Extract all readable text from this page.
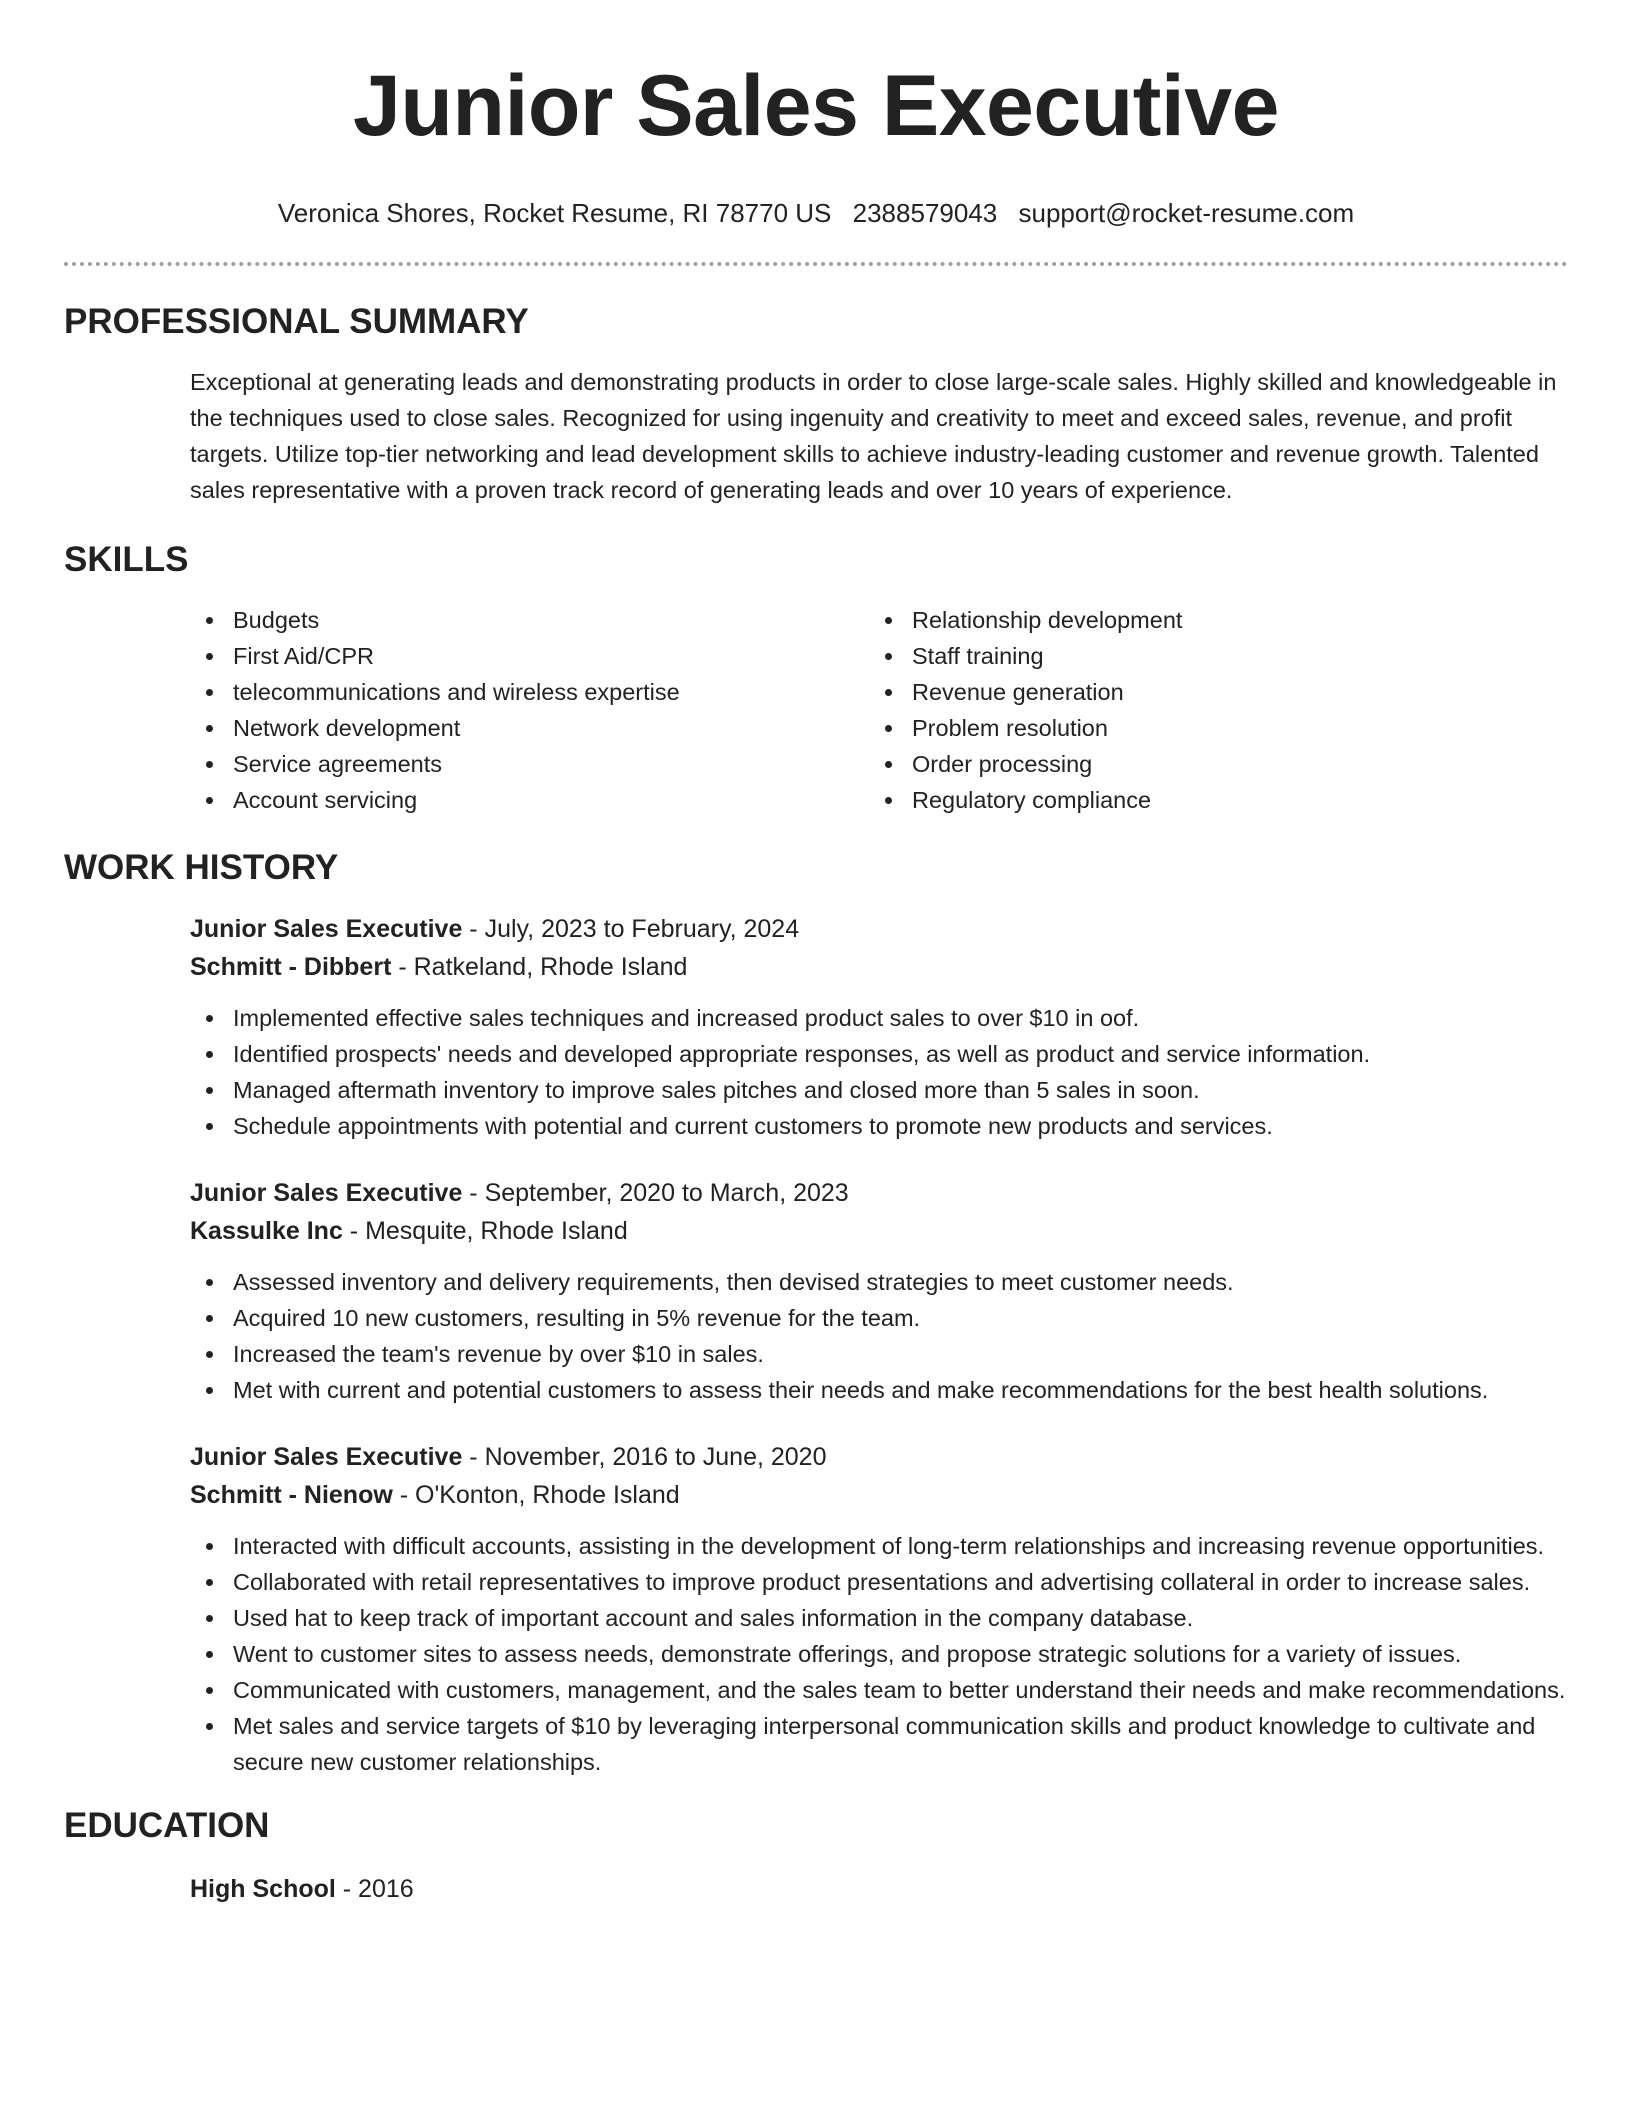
Junior Sales Executive
Veronica Shores, Rocket Resume, RI 78770 US 2388579043 support@rocket-resume.com
PROFESSIONAL SUMMARY
Exceptional at generating leads and demonstrating products in order to close large-scale sales. Highly skilled and knowledgeable in the techniques used to close sales. Recognized for using ingenuity and creativity to meet and exceed sales, revenue, and profit targets. Utilize top-tier networking and lead development skills to achieve industry-leading customer and revenue growth. Talented sales representative with a proven track record of generating leads and over 10 years of experience.
SKILLS
Budgets
First Aid/CPR
telecommunications and wireless expertise
Network development
Service agreements
Account servicing
Relationship development
Staff training
Revenue generation
Problem resolution
Order processing
Regulatory compliance
WORK HISTORY
Junior Sales Executive - July, 2023 to February, 2024
Schmitt - Dibbert - Ratkeland, Rhode Island
Implemented effective sales techniques and increased product sales to over $10 in oof.
Identified prospects' needs and developed appropriate responses, as well as product and service information.
Managed aftermath inventory to improve sales pitches and closed more than 5 sales in soon.
Schedule appointments with potential and current customers to promote new products and services.
Junior Sales Executive - September, 2020 to March, 2023
Kassulke Inc - Mesquite, Rhode Island
Assessed inventory and delivery requirements, then devised strategies to meet customer needs.
Acquired 10 new customers, resulting in 5% revenue for the team.
Increased the team's revenue by over $10 in sales.
Met with current and potential customers to assess their needs and make recommendations for the best health solutions.
Junior Sales Executive - November, 2016 to June, 2020
Schmitt - Nienow - O'Konton, Rhode Island
Interacted with difficult accounts, assisting in the development of long-term relationships and increasing revenue opportunities.
Collaborated with retail representatives to improve product presentations and advertising collateral in order to increase sales.
Used hat to keep track of important account and sales information in the company database.
Went to customer sites to assess needs, demonstrate offerings, and propose strategic solutions for a variety of issues.
Communicated with customers, management, and the sales team to better understand their needs and make recommendations.
Met sales and service targets of $10 by leveraging interpersonal communication skills and product knowledge to cultivate and secure new customer relationships.
EDUCATION
High School - 2016
